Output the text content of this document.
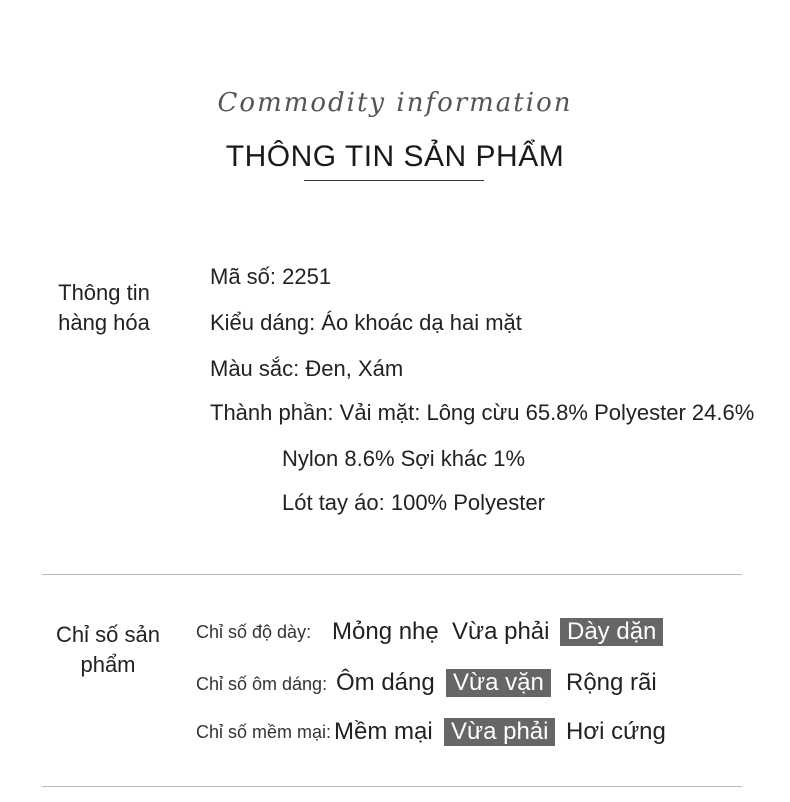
Commodity information
THÔNG TIN SẢN PHẨM
Thông tin
hàng hóa
Mã số: 2251
Kiểu dáng: Áo khoác dạ hai mặt
Màu sắc: Đen, Xám
Thành phần: Vải mặt: Lông cừu 65.8% Polyester 24.6%
Nylon 8.6% Sợi khác 1%
Lót tay áo: 100% Polyester
Chỉ số sản
phẩm
Chỉ số độ dày: Mỏng nhẹ Vừa phải Dày dặn
Chỉ số ôm dáng: Ôm dáng Vừa vặn Rộng rãi
Chỉ số mềm mại: Mềm mại Vừa phải Hơi cứng
